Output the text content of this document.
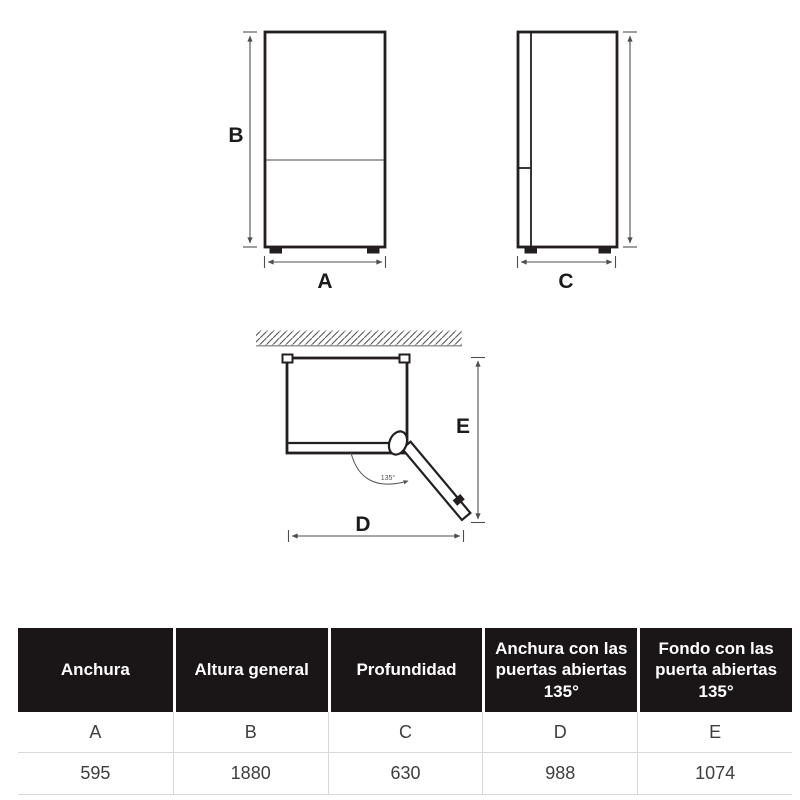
B
A	C
135°
E
D
Anchura	Altura general	Profundidad	Anchura con las puertas abiertas 135°	Fondo con las puerta abiertas 135°
A	B	C	D	E
595	1880	630	988	1074
